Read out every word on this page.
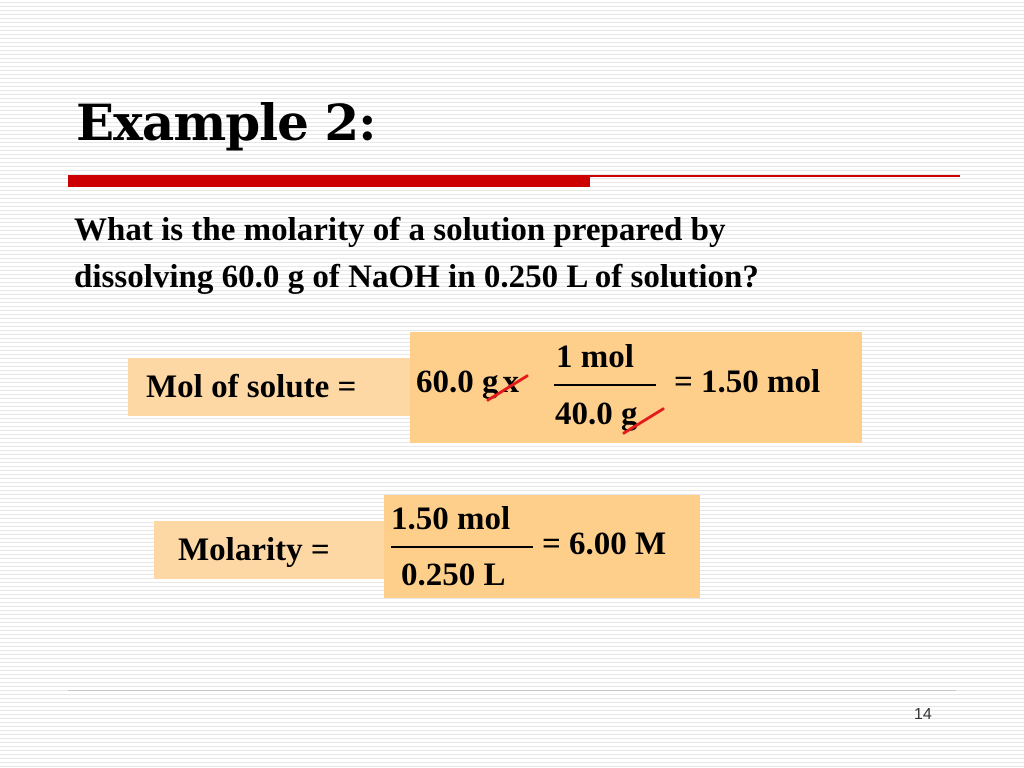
Example 2:
What is the molarity of a solution prepared by
dissolving 60.0 g of NaOH in 0.250 L of solution?
Mol of solute = 60.0 g x
1 mol
40.0 g
= 1.50 mol
Molarity =
1.50 mol
0.250 L
= 6.00 M
14
